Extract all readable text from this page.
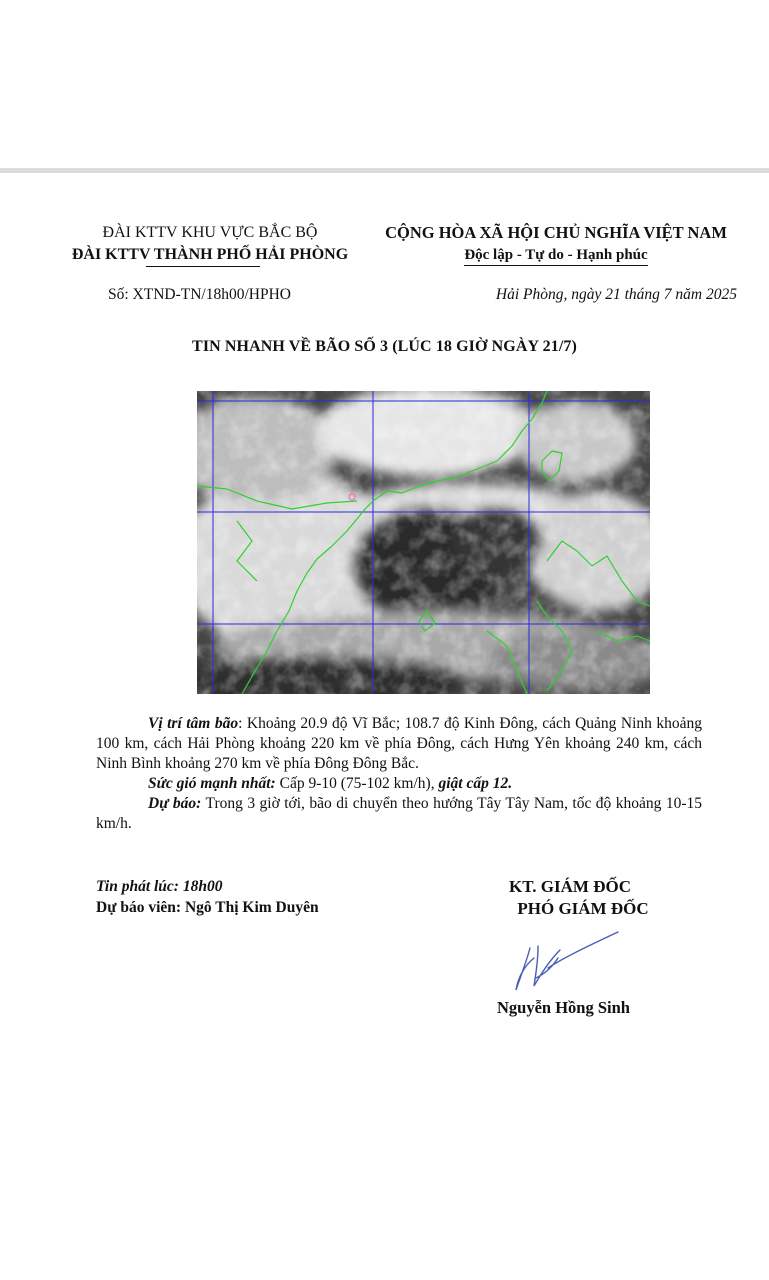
ĐÀI KTTV KHU VỰC BẮC BỘ
ĐÀI KTTV THÀNH PHỐ HẢI PHÒNG
CỘNG HÒA XÃ HỘI CHỦ NGHĨA VIỆT NAM
Độc lập - Tự do - Hạnh phúc
Số: XTND-TN/18h00/HPHO	Hải Phòng, ngày 21 tháng 7 năm 2025
TIN NHANH VỀ BÃO SỐ 3 (LÚC 18 GIỜ NGÀY 21/7)

Vị trí tâm bão: Khoảng 20.9 độ Vĩ Bắc; 108.7 độ Kinh Đông, cách Quảng Ninh khoảng 100 km, cách Hải Phòng khoảng 220 km về phía Đông, cách Hưng Yên khoảng 240 km, cách Ninh Bình khoảng 270 km về phía Đông Đông Bắc.

Sức gió mạnh nhất: Cấp 9-10 (75-102 km/h), giật cấp 12.

Dự báo: Trong 3 giờ tới, bão di chuyển theo hướng Tây Tây Nam, tốc độ khoảng 10-15 km/h.

Tin phát lúc: 18h00
Dự báo viên: Ngô Thị Kim Duyên
KT. GIÁM ĐỐC
PHÓ GIÁM ĐỐC
Nguyễn Hồng Sinh
